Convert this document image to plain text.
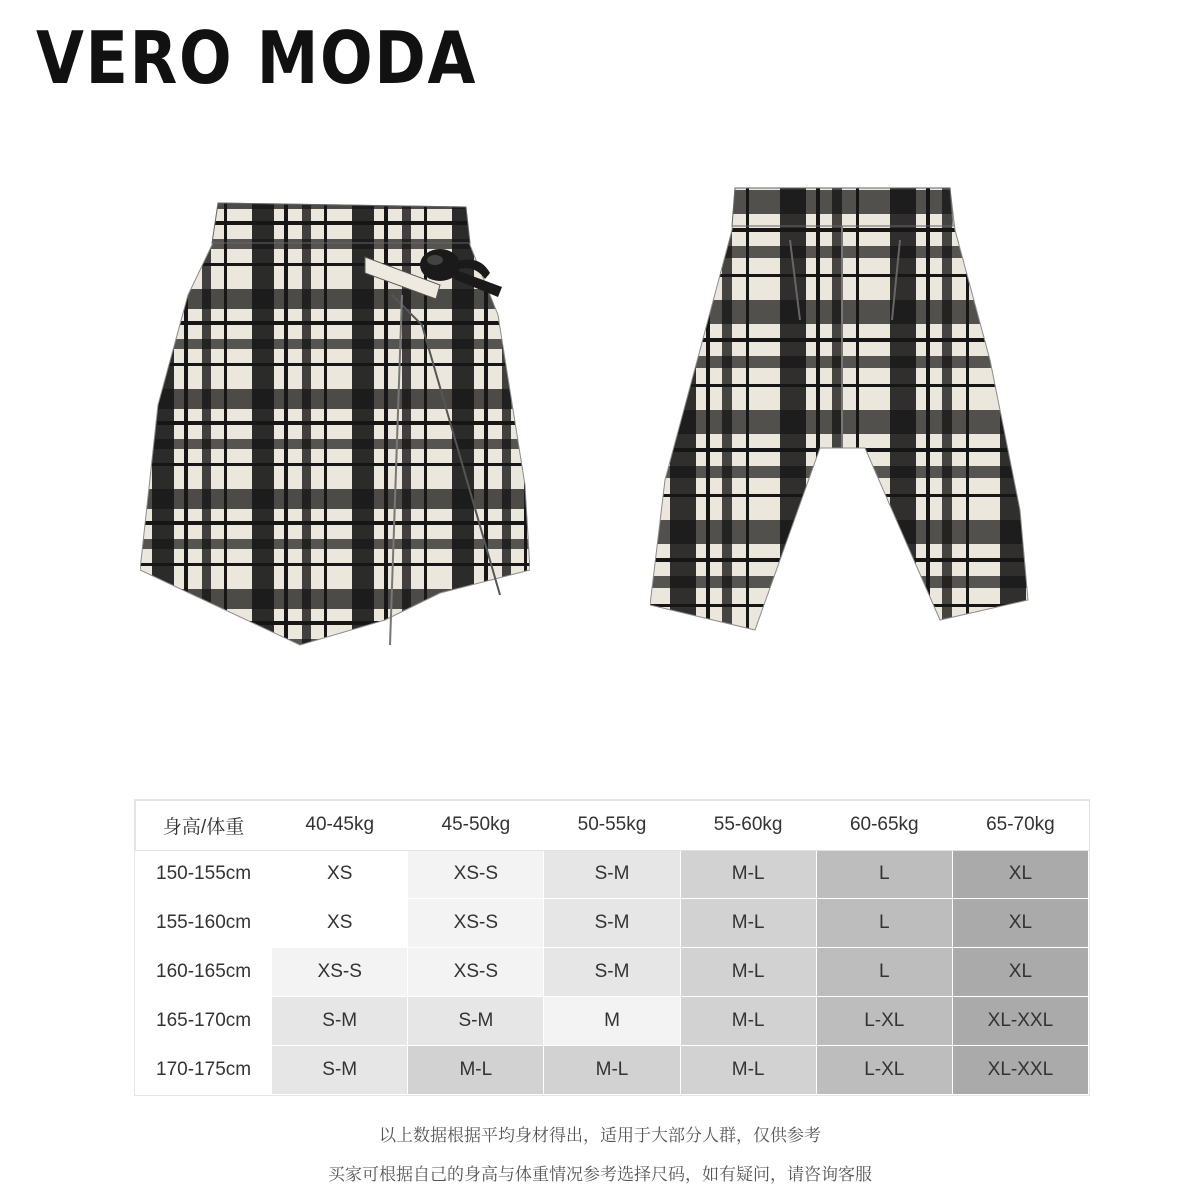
VERO MODA
身高/体重	40-45kg	45-50kg	50-55kg	55-60kg	60-65kg	65-70kg
150-155cm	XS	XS-S	S-M	M-L	L	XL
155-160cm	XS	XS-S	S-M	M-L	L	XL
160-165cm	XS-S	XS-S	S-M	M-L	L	XL
165-170cm	S-M	S-M	M	M-L	L-XL	XL-XXL
170-175cm	S-M	M-L	M-L	M-L	L-XL	XL-XXL
以上数据根据平均身材得出，适用于大部分人群，仅供参考
买家可根据自己的身高与体重情况参考选择尺码，如有疑问，请咨询客服
